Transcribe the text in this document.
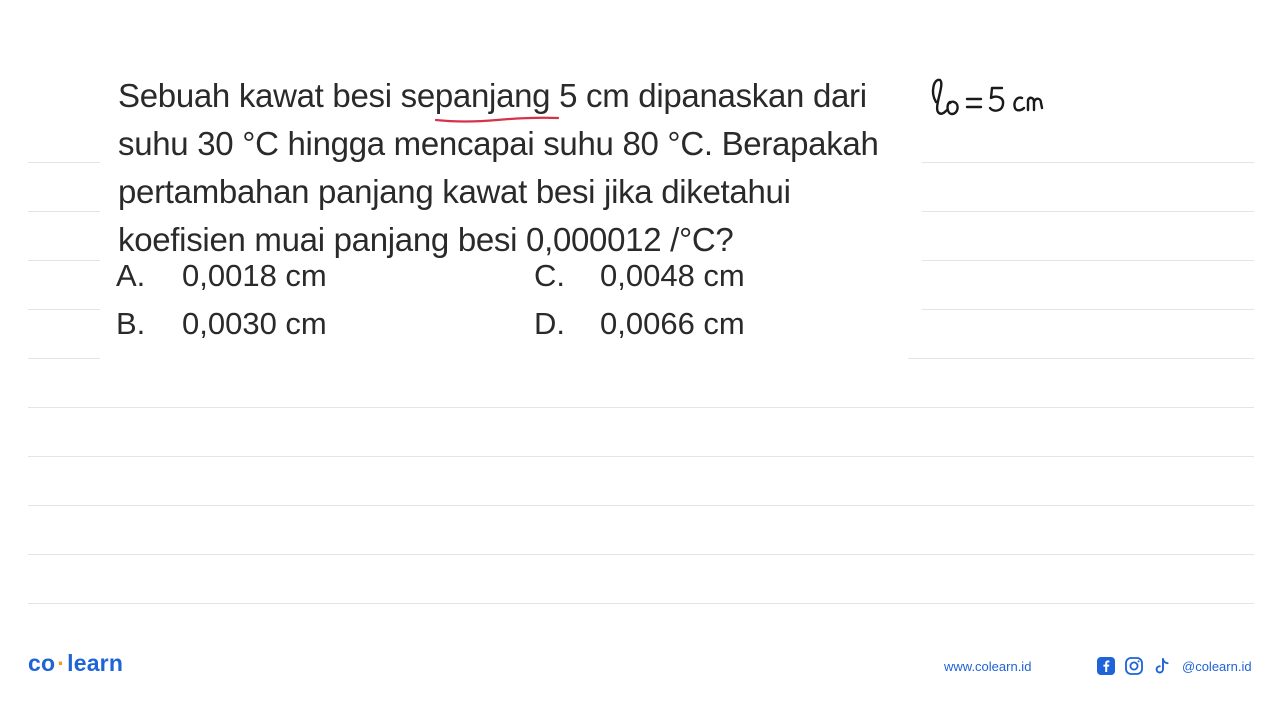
Sebuah kawat besi sepanjang 5 cm dipanaskan dari
suhu 30 °C hingga mencapai suhu 80 °C. Berapakah
pertambahan panjang kawat besi jika diketahui
koefisien muai panjang besi 0,000012 /°C?
A. 0,0018 cm
B. 0,0030 cm
C. 0,0048 cm
D. 0,0066 cm
co·learn	www.colearn.id	@colearn.id
